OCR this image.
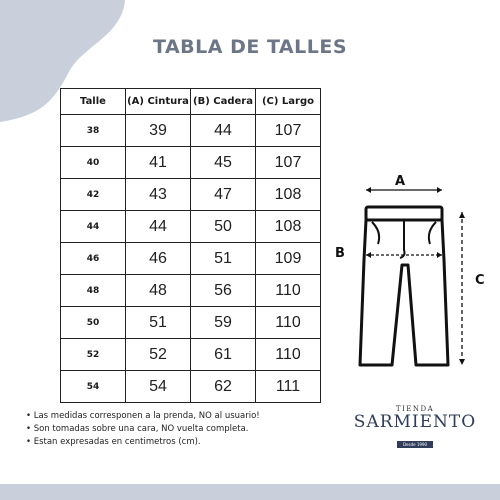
TABLA DE TALLES
Talle	(A) Cintura	(B) Cadera	(C) Largo
38	39	44	107
40	41	45	107
42	43	47	108
44	44	50	108
46	46	51	109
48	48	56	110
50	51	59	110
52	52	61	110
54	54	62	111
A
B
C
• Las medidas corresponen a la prenda, NO al usuario!
• Son tomadas sobre una cara, NO vuelta completa.
• Estan expresadas en centimetros (cm).
TIENDA
SARMIENTO
Desde 1990
